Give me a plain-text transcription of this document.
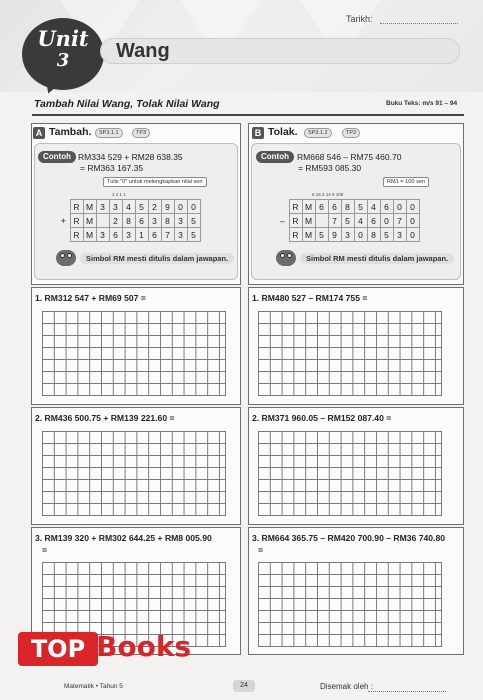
Tarikh:
Unit
3	Wang
Tambah Nilai Wang, Tolak Nilai Wang	Buku Teks: m/s 91 – 94
A Tambah.	SP3.1.1	TP3
Contoh RM334 529 + RM28 638.35
= RM363 167.35
Tulis "0" untuk melengkapkan nilai sen
1 1 1 1
	R	M	3	3	4	5	2	9	0	0
+	R	M		2	8	6	3	8	3	5
	R	M	3	6	3	1	6	7	3	5
Simbol RM mesti ditulis dalam jawapan.
1. RM312 547 + RM69 507 =
2. RM436 500.75 + RM139 221.60 =
3. RM139 320 + RM302 644.25 + RM8 005.90
=
B Tolak.	SP3.1.2	TP3
Contoh RM668 546 – RM75 460.70
= RM593 085.30
RM1 = 100 sen
5 16 4 14 9 100
	R	M	6	6	8	5	4	6	0	0
–	R	M		7	5	4	6	0	7	0
	R	M	5	9	3	0	8	5	3	0
Simbol RM mesti ditulis dalam jawapan.
1. RM480 527 – RM174 755 =
2. RM371 960.05 – RM152 087.40 =
3. RM664 365.75 – RM420 700.90 – RM36 740.80
=
Matematik • Tahun 5	24	Disemak oleh :
TOP Books
